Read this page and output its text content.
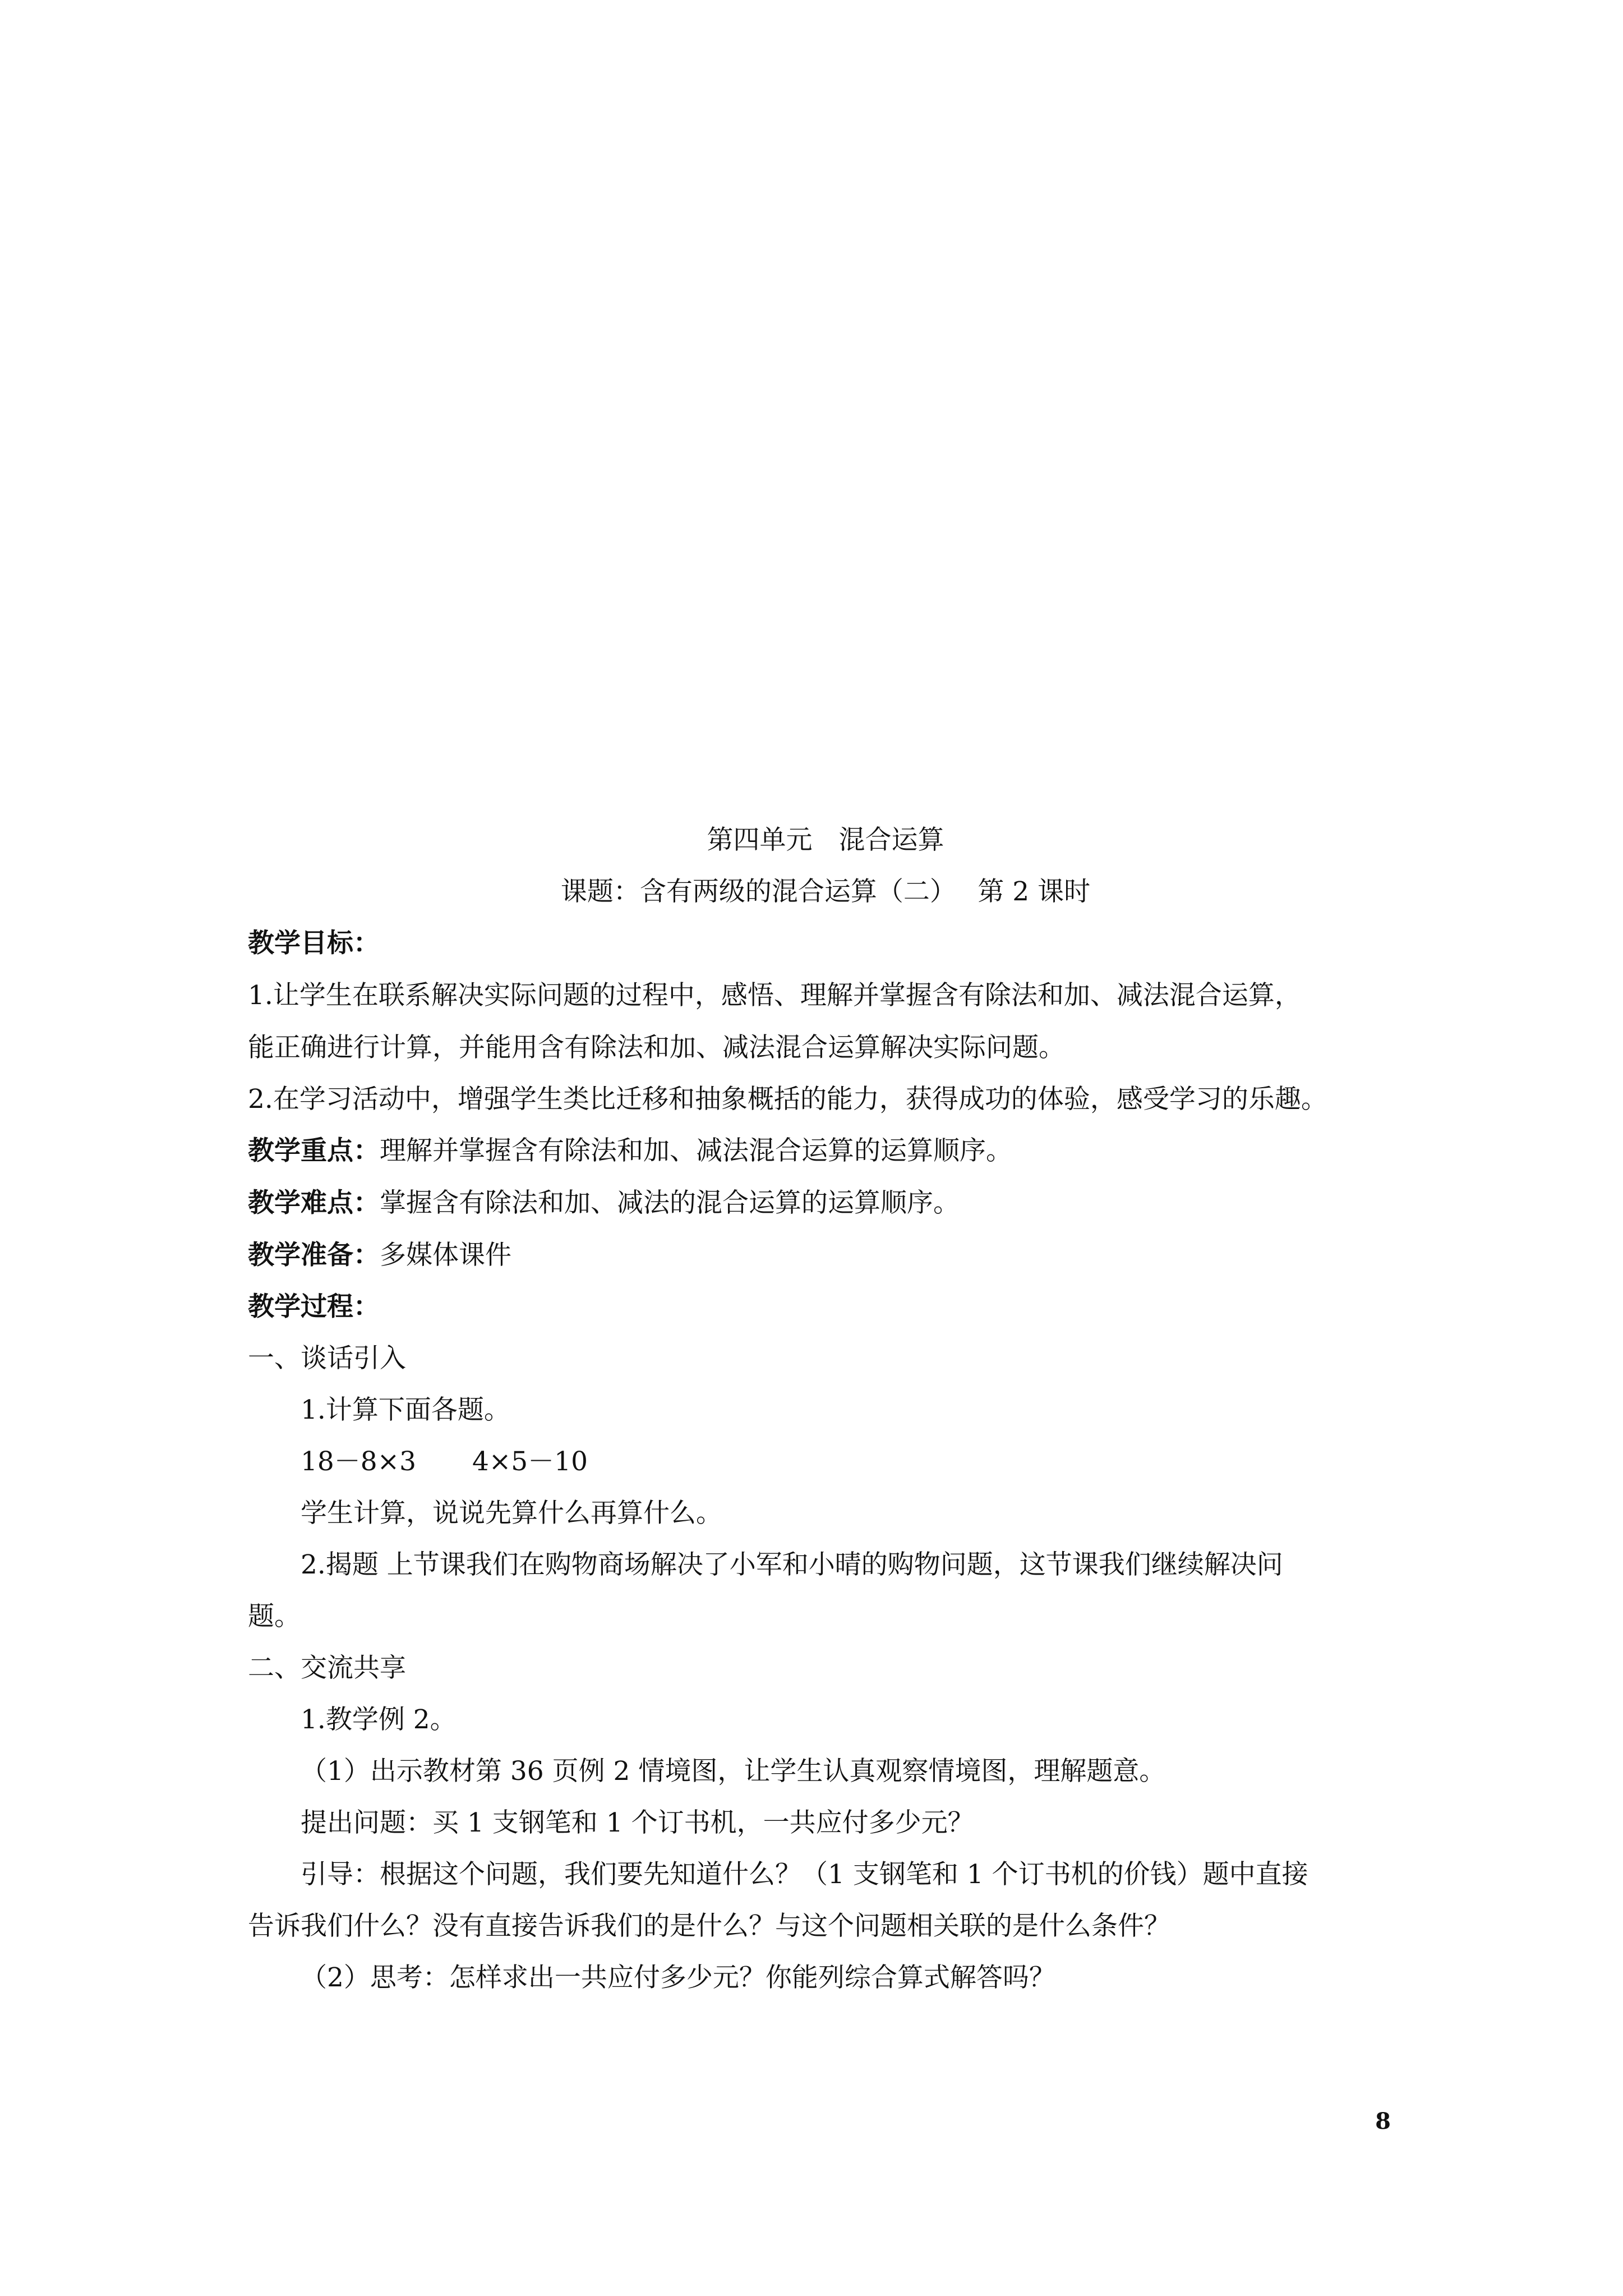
第四单元　混合运算

课题：含有两级的混合运算（二）　 第 2 课时

教学目标：

1.让学生在联系解决实际问题的过程中，感悟、理解并掌握含有除法和加、减法混合运算，

能正确进行计算，并能用含有除法和加、减法混合运算解决实际问题。

2.在学习活动中，增强学生类比迁移和抽象概括的能力，获得成功的体验，感受学习的乐趣。

教学重点：理解并掌握含有除法和加、减法混合运算的运算顺序。

教学难点：掌握含有除法和加、减法的混合运算的运算顺序。

教学准备：多媒体课件

教学过程：

一、谈话引入

1.计算下面各题。

18－8×3 4×5－10

学生计算，说说先算什么再算什么。

2.揭题 上节课我们在购物商场解决了小军和小晴的购物问题，这节课我们继续解决问

题。

二、交流共享

1.教学例 2。

（1）出示教材第 36 页例 2 情境图，让学生认真观察情境图，理解题意。

提出问题：买 1 支钢笔和 1 个订书机，一共应付多少元？

引导：根据这个问题，我们要先知道什么？（1 支钢笔和 1 个订书机的价钱）题中直接

告诉我们什么？没有直接告诉我们的是什么？与这个问题相关联的是什么条件？

（2）思考：怎样求出一共应付多少元？你能列综合算式解答吗？

8
